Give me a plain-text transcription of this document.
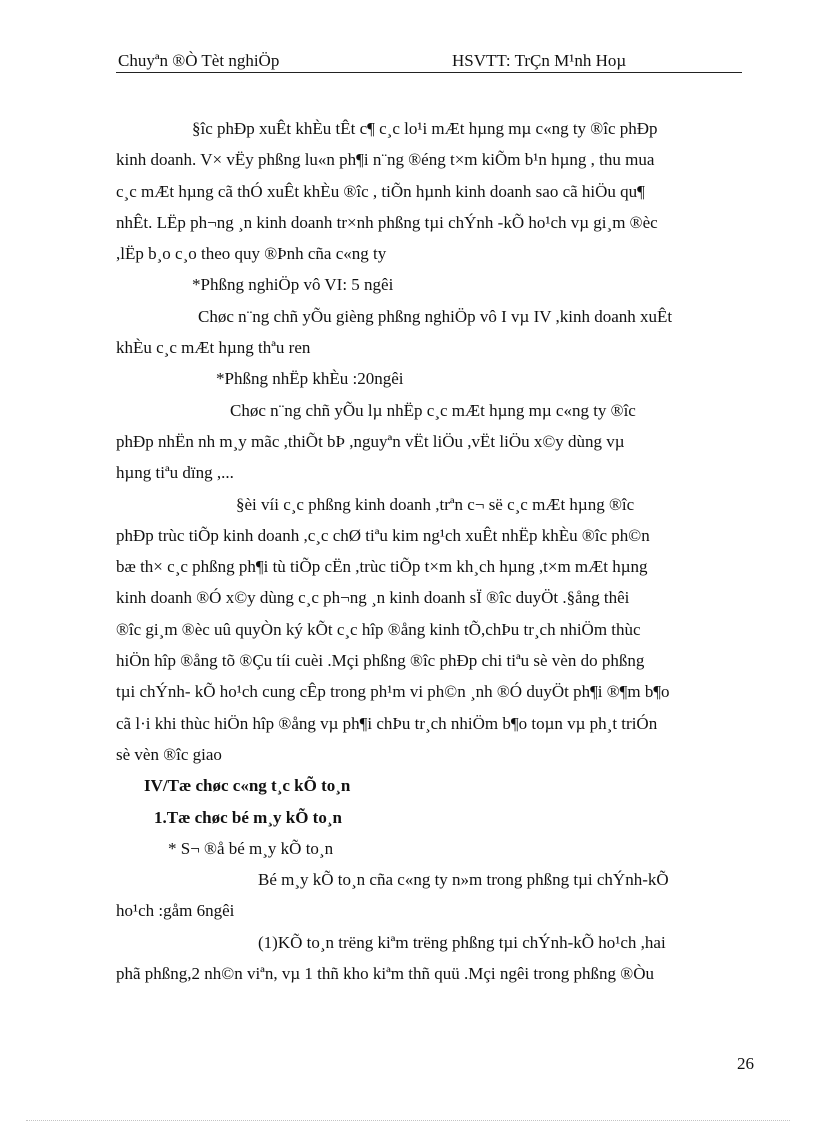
Chuyªn ®Ò Tèt nghiÖp	HSVTT: TrÇn M¹nh Hoµ
§îc phÐp xuÊt khÈu tÊt c¶ c¸c lo¹i mÆt hµng mµ c«ng ty ®îc phÐp
kinh doanh. V× vËy phßng lu«n ph¶i n¨ng ®éng t×m kiÕm b¹n hµng , thu mua
c¸c mÆt hµng cã thÓ xuÊt khÈu ®îc , tiÕn hµnh kinh doanh sao cã hiÖu qu¶
nhÊt. LËp ph¬ng ¸n kinh doanh tr×nh phßng tµi chÝnh -kÕ ho¹ch vµ gi¸m ®èc
,lËp b¸o c¸o theo quy ®Þnh cña c«ng ty
*Phßng nghiÖp vô VI: 5 ngêi
Chøc n¨ng chñ yÕu gièng phßng nghiÖp vô I vµ IV ,kinh doanh xuÊt
khÈu c¸c mÆt hµng thªu ren
*Phßng nhËp khÈu :20ngêi
Chøc n¨ng chñ yÕu lµ nhËp c¸c mÆt hµng mµ c«ng ty ®îc
phÐp nhËn nh m¸y mãc ,thiÕt bÞ ,nguyªn vËt liÖu ,vËt liÖu x©y dùng vµ
hµng tiªu dïng ,...
§èi víi c¸c phßng kinh doanh ,trªn c¬ së c¸c mÆt hµng ®îc
phÐp trùc tiÕp kinh doanh ,c¸c chØ tiªu kim ng¹ch xuÊt nhËp khÈu ®îc ph©n
bæ th× c¸c phßng ph¶i tù tiÕp cËn ,trùc tiÕp t×m kh¸ch hµng ,t×m mÆt hµng
kinh doanh ®Ó x©y dùng c¸c ph¬ng ¸n kinh doanh sÏ ®îc duyÖt .§ång thêi
®îc gi¸m ®èc uû quyÒn ký kÕt c¸c hîp ®ång kinh tÕ,chÞu tr¸ch nhiÖm thùc
hiÖn hîp ®ång tõ ®Çu tíi cuèi .Mçi phßng ®îc phÐp chi tiªu sè vèn do phßng
tµi chÝnh- kÕ ho¹ch cung cÊp trong ph¹m vi ph©n ¸nh ®Ó duyÖt ph¶i ®¶m b¶o
cã l·i khi thùc hiÖn hîp ®ång vµ ph¶i chÞu tr¸ch nhiÖm b¶o toµn vµ ph¸t triÓn
sè vèn ®îc giao
IV/Tæ chøc c«ng t¸c kÕ to¸n
1.Tæ chøc bé m¸y kÕ to¸n
* S¬ ®å bé m¸y kÕ to¸n
Bé m¸y kÕ to¸n cña c«ng ty n»m trong phßng tµi chÝnh-kÕ
ho¹ch :gåm 6ngêi
(1)KÕ to¸n trëng kiªm trëng phßng tµi chÝnh-kÕ ho¹ch ,hai
phã phßng,2 nh©n viªn, vµ 1 thñ kho kiªm thñ quü .Mçi ngêi trong phßng ®Òu
26
